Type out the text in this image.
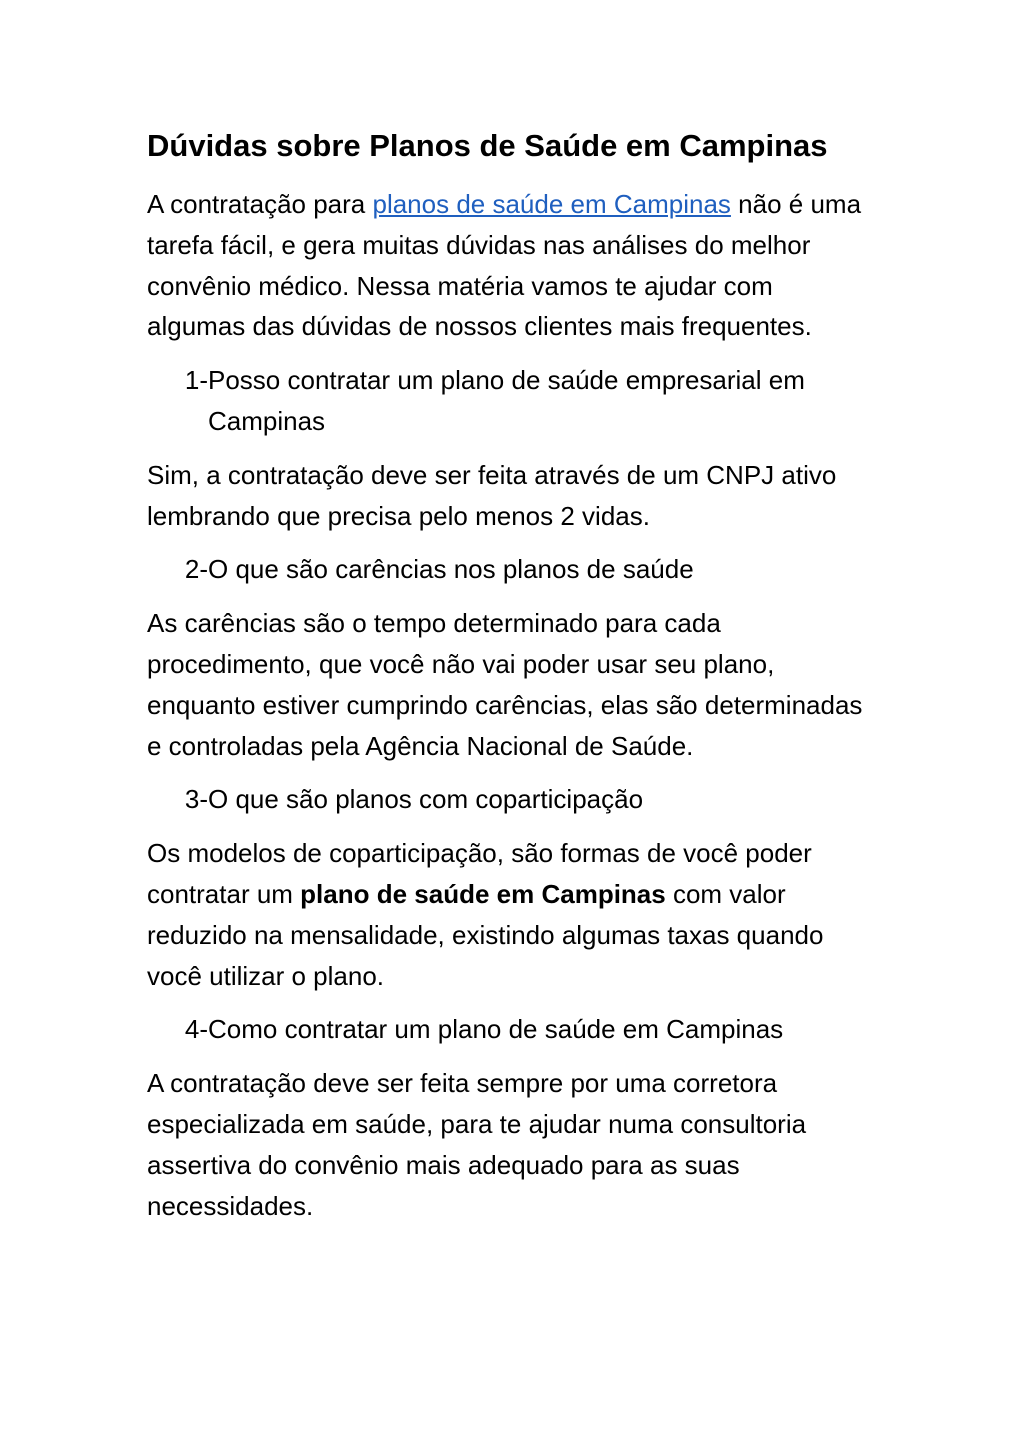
Dúvidas sobre Planos de Saúde em Campinas

A contratação para planos de saúde em Campinas não é uma tarefa fácil, e gera muitas dúvidas nas análises do melhor convênio médico. Nessa matéria vamos te ajudar com algumas das dúvidas de nossos clientes mais frequentes.

1- Posso contratar um plano de saúde empresarial em Campinas

Sim, a contratação deve ser feita através de um CNPJ ativo lembrando que precisa pelo menos 2 vidas.

2- O que são carências nos planos de saúde

As carências são o tempo determinado para cada procedimento, que você não vai poder usar seu plano, enquanto estiver cumprindo carências, elas são determinadas e controladas pela Agência Nacional de Saúde.

3- O que são planos com coparticipação

Os modelos de coparticipação, são formas de você poder contratar um plano de saúde em Campinas com valor reduzido na mensalidade, existindo algumas taxas quando você utilizar o plano.

4- Como contratar um plano de saúde em Campinas

A contratação deve ser feita sempre por uma corretora especializada em saúde, para te ajudar numa consultoria assertiva do convênio mais adequado para as suas necessidades.
